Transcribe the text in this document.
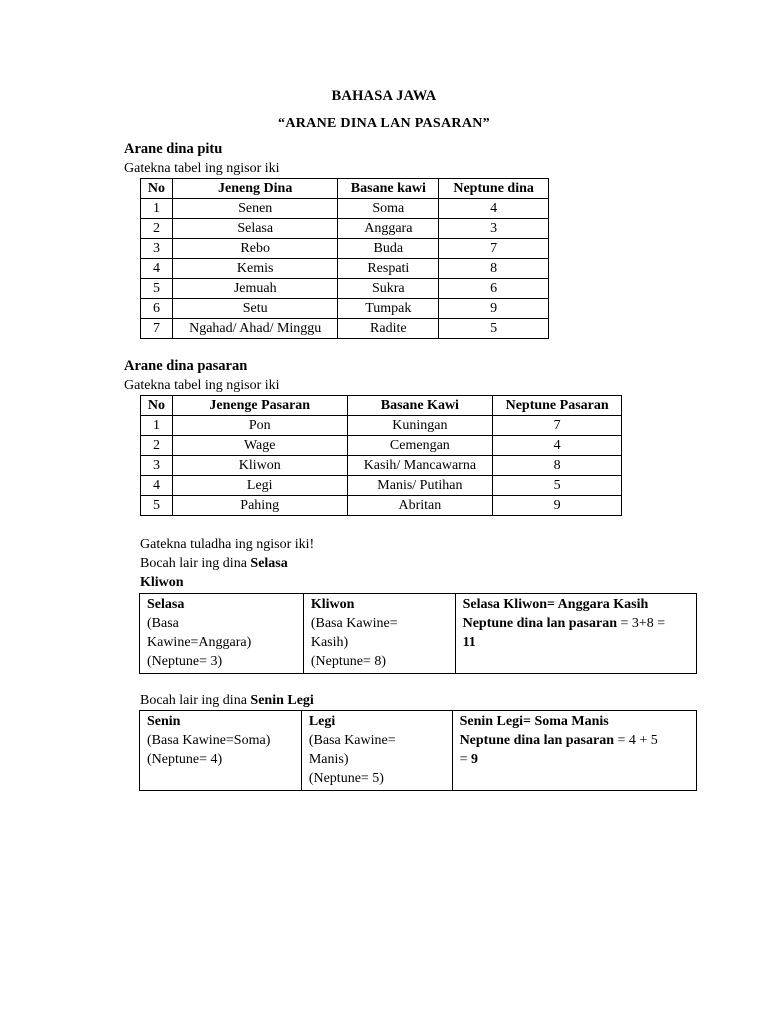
BAHASA JAWA
“ARANE DINA LAN PASARAN”
Arane dina pitu
Gatekna tabel ing ngisor iki
No	Jeneng Dina	Basane kawi	Neptune dina
1	Senen	Soma	4
2	Selasa	Anggara	3
3	Rebo	Buda	7
4	Kemis	Respati	8
5	Jemuah	Sukra	6
6	Setu	Tumpak	9
7	Ngahad/ Ahad/ Minggu	Radite	5
Arane dina pasaran
Gatekna tabel ing ngisor iki
No	Jenenge Pasaran	Basane Kawi	Neptune Pasaran
1	Pon	Kuningan	7
2	Wage	Cemengan	4
3	Kliwon	Kasih/ Mancawarna	8
4	Legi	Manis/ Putihan	5
5	Pahing	Abritan	9
Gatekna tuladha ing ngisor iki!
Bocah lair ing dina Selasa
Kliwon
Selasa
(Basa
Kawine=Anggara)
(Neptune= 3)

Kliwon
(Basa Kawine=
Kasih)
(Neptune= 8)

Selasa Kliwon= Anggara Kasih
Neptune dina lan pasaran = 3+8 =
11
Bocah lair ing dina Senin Legi
Senin
(Basa Kawine=Soma)
(Neptune= 4)

Legi
(Basa Kawine=
Manis)
(Neptune= 5)

Senin Legi= Soma Manis
Neptune dina lan pasaran = 4 + 5
= 9
